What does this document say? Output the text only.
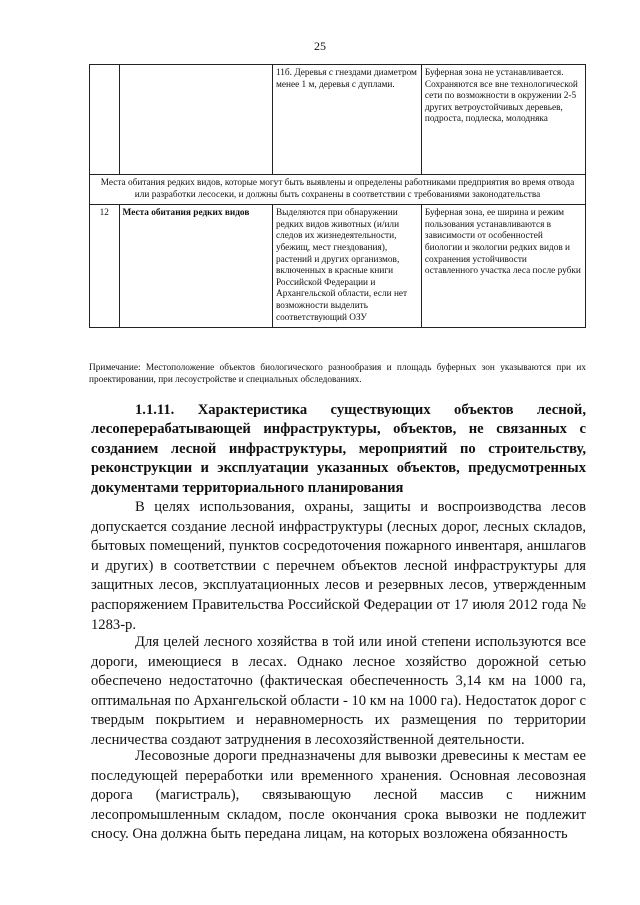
25
		11б. Деревья с гнездами диаметром менее 1 м, деревья с дуплами.	Буферная зона не устанавливается. Сохраняются все вне технологической сети по возможности в окружении 2-5 других ветроустойчивых деревьев, подроста, подлеска, молодняка
Места обитания редких видов, которые могут быть выявлены и определены работниками предприятия во время отвода или разработки лесосеки, и должны быть сохранены в соответствии с требованиями законодательства			
12	Места обитания редких видов	Выделяются при обнаружении редких видов животных (и/или следов их жизнедеятельности, убежищ, мест гнездования), растений и других организмов, включенных в красные книги Российской Федерации и Архангельской области, если нет возможности выделить соответствующий ОЗУ	Буферная зона, ее ширина и режим пользования устанавливаются в зависимости от особенностей биологии и экологии редких видов и сохранения устойчивости оставленного участка леса после рубки
Примечание: Местоположение объектов биологического разнообразия и площадь буферных зон указываются при их проектировании, при лесоустройстве и специальных обследованиях.
1.1.11. Характеристика существующих объектов лесной, лесоперерабатывающей инфраструктуры, объектов, не связанных с созданием лесной инфраструктуры, мероприятий по строительству, реконструкции и эксплуатации указанных объектов, предусмотренных документами территориального планирования

В целях использования, охраны, защиты и воспроизводства лесов допускается создание лесной инфраструктуры (лесных дорог, лесных складов, бытовых помещений, пунктов сосредоточения пожарного инвентаря, аншлагов и других) в соответствии с перечнем объектов лесной инфраструктуры для защитных лесов, эксплуатационных лесов и резервных лесов, утвержденным распоряжением Правительства Российской Федерации от 17 июля 2012 года № 1283-р.

Для целей лесного хозяйства в той или иной степени используются все дороги, имеющиеся в лесах. Однако лесное хозяйство дорожной сетью обеспечено недостаточно (фактическая обеспеченность 3,14 км на 1000 га, оптимальная по Архангельской области - 10 км на 1000 га). Недостаток дорог с твердым покрытием и неравномерность их размещения по территории лесничества создают затруднения в лесохозяйственной деятельности.

Лесовозные дороги предназначены для вывозки древесины к местам ее последующей переработки или временного хранения. Основная лесовозная дорога (магистраль), связывающую лесной массив с нижним лесопромышленным складом, после окончания срока вывозки не подлежит сносу. Она должна быть передана лицам, на которых возложена обязанность
